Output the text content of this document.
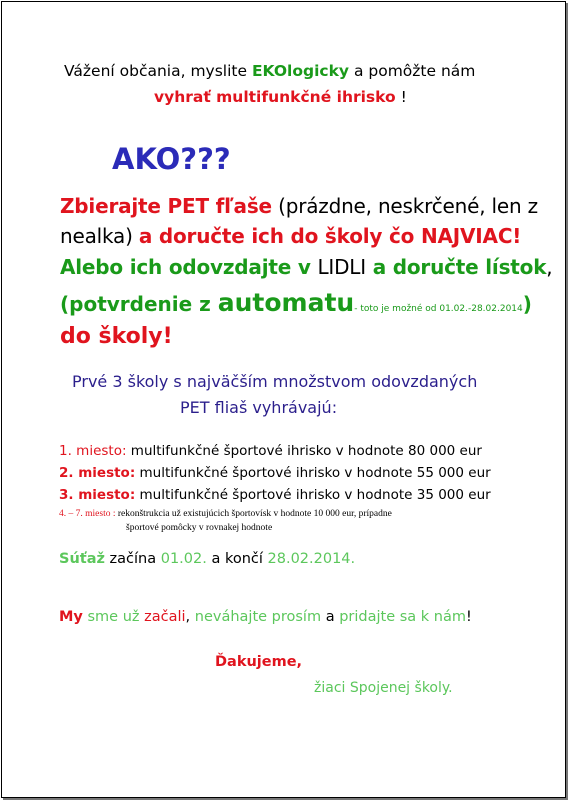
Vážení občania, myslite EKOlogicky a pomôžte nám
vyhrať multifunkčné ihrisko !
AKO???
Zbierajte PET fľaše (prázdne, neskrčené, len z
nealka) a doručte ich do školy čo NAJVIAC!
Alebo ich odovzdajte v LIDLI a doručte lístok,
(potvrdenie z automatu- toto je možné od 01.02.-28.02.2014)
do školy!
Prvé 3 školy s najväčším množstvom odovzdaných
PET fliaš vyhrávajú:
1. miesto: multifunkčné športové ihrisko v hodnote 80 000 eur
2. miesto: multifunkčné športové ihrisko v hodnote 55 000 eur
3. miesto: multifunkčné športové ihrisko v hodnote 35 000 eur
4. – 7. miesto : rekonštrukcia už existujúcich športovísk v hodnote 10 000 eur, prípadne
športové pomôcky v rovnakej hodnote
Súťaž začína 01.02. a končí 28.02.2014.
My sme už začali, neváhajte prosím a pridajte sa k nám!
Ďakujeme,
žiaci Spojenej školy.
